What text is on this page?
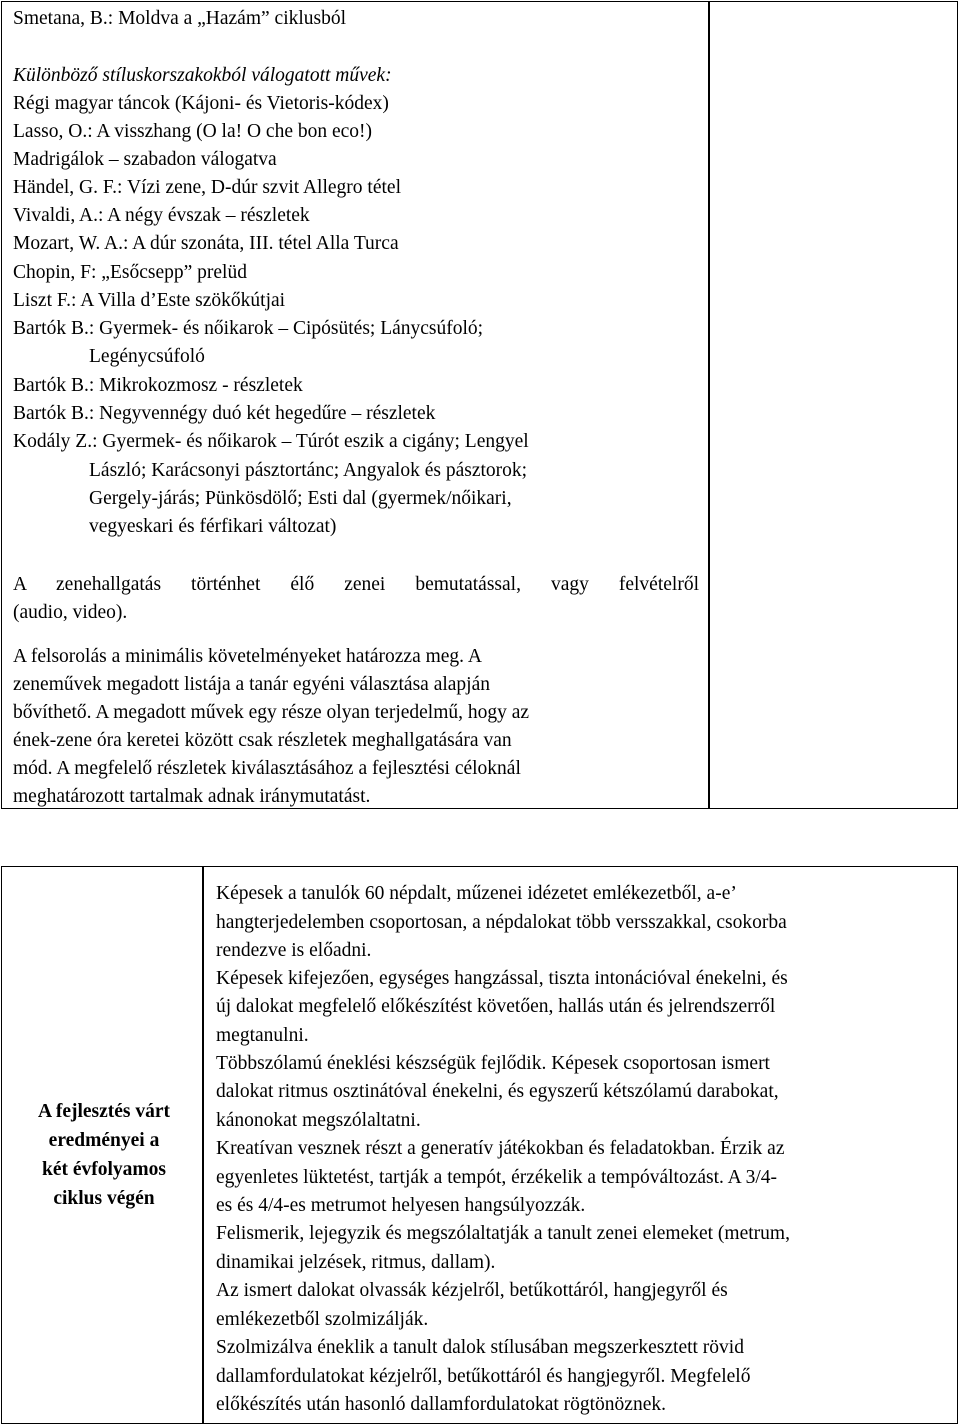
Smetana, B.: Moldva a „Hazám” ciklusból
Különböző stíluskorszakokból válogatott művek:
Régi magyar táncok (Kájoni- és Vietoris-kódex)
Lasso, O.: A visszhang (O la! O che bon eco!)
Madrigálok – szabadon válogatva
Händel, G. F.: Vízi zene, D-dúr szvit Allegro tétel
Vivaldi, A.: A négy évszak – részletek
Mozart, W. A.: A dúr szonáta, III. tétel Alla Turca
Chopin, F: „Esőcsepp” prelüd
Liszt F.: A Villa d’Este szökőkútjai
Bartók B.: Gyermek- és nőikarok – Cipósütés; Lánycsúfoló;
Legénycsúfoló
Bartók B.: Mikrokozmosz - részletek
Bartók B.: Negyvennégy duó két hegedűre – részletek
Kodály Z.: Gyermek- és nőikarok – Túrót eszik a cigány; Lengyel
László; Karácsonyi pásztortánc; Angyalok és pásztorok;
Gergely-járás; Pünkösdölő; Esti dal (gyermek/nőikari,
vegyeskari és férfikari változat)
A zenehallgatás történhet élő zenei bemutatással, vagy felvételről
(audio, video).
A felsorolás a minimális követelményeket határozza meg. A
zeneművek megadott listája a tanár egyéni választása alapján
bővíthető. A megadott művek egy része olyan terjedelmű, hogy az
ének-zene óra keretei között csak részletek meghallgatására van
mód. A megfelelő részletek kiválasztásához a fejlesztési céloknál
meghatározott tartalmak adnak iránymutatást.
A fejlesztés várt
eredményei a
két évfolyamos
ciklus végén
Képesek a tanulók 60 népdalt, műzenei idézetet emlékezetből, a-e’
hangterjedelemben csoportosan, a népdalokat több versszakkal, csokorba
rendezve is előadni.
Képesek kifejezően, egységes hangzással, tiszta intonációval énekelni, és
új dalokat megfelelő előkészítést követően, hallás után és jelrendszerről
megtanulni.
Többszólamú éneklési készségük fejlődik. Képesek csoportosan ismert
dalokat ritmus osztinátóval énekelni, és egyszerű kétszólamú darabokat,
kánonokat megszólaltatni.
Kreatívan vesznek részt a generatív játékokban és feladatokban. Érzik az
egyenletes lüktetést, tartják a tempót, érzékelik a tempóváltozást. A 3/4-
es és 4/4-es metrumot helyesen hangsúlyozzák.
Felismerik, lejegyzik és megszólaltatják a tanult zenei elemeket (metrum,
dinamikai jelzések, ritmus, dallam).
Az ismert dalokat olvassák kézjelről, betűkottáról, hangjegyről és
emlékezetből szolmizálják.
Szolmizálva éneklik a tanult dalok stílusában megszerkesztett rövid
dallamfordulatokat kézjelről, betűkottáról és hangjegyről. Megfelelő
előkészítés után hasonló dallamfordulatokat rögtönöznek.
